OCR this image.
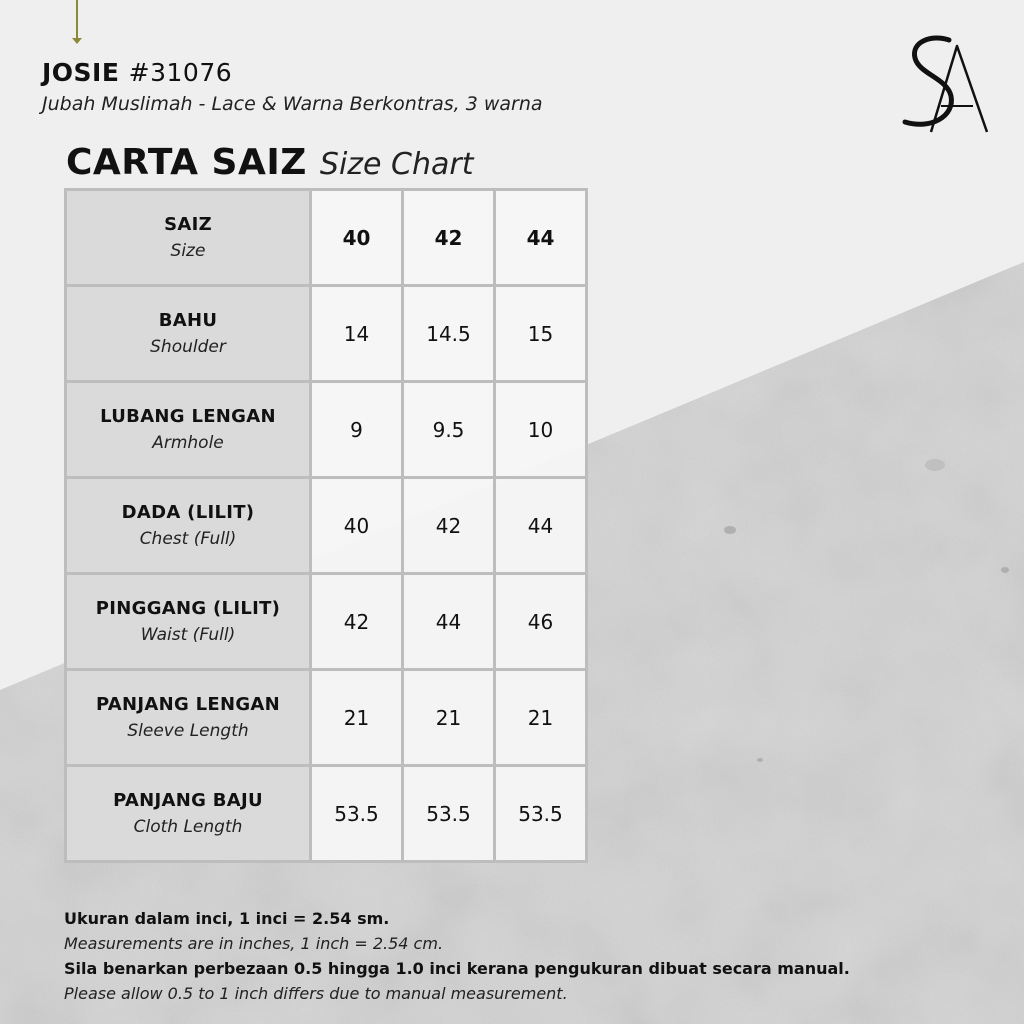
JOSIE #31076
Jubah Muslimah - Lace & Warna Berkontras, 3 warna
CARTA SAIZ Size Chart
SAIZ
Size	40	42	44

BAHU
Shoulder	14	14.5	15

LUBANG LENGAN
Armhole	9	9.5	10

DADA (LILIT)
Chest (Full)	40	42	44

PINGGANG (LILIT)
Waist (Full)	42	44	46

PANJANG LENGAN
Sleeve Length	21	21	21

PANJANG BAJU
Cloth Length	53.5	53.5	53.5
Ukuran dalam inci, 1 inci = 2.54 sm.
Measurements are in inches, 1 inch = 2.54 cm.
Sila benarkan perbezaan 0.5 hingga 1.0 inci kerana pengukuran dibuat secara manual.
Please allow 0.5 to 1 inch differs due to manual measurement.
